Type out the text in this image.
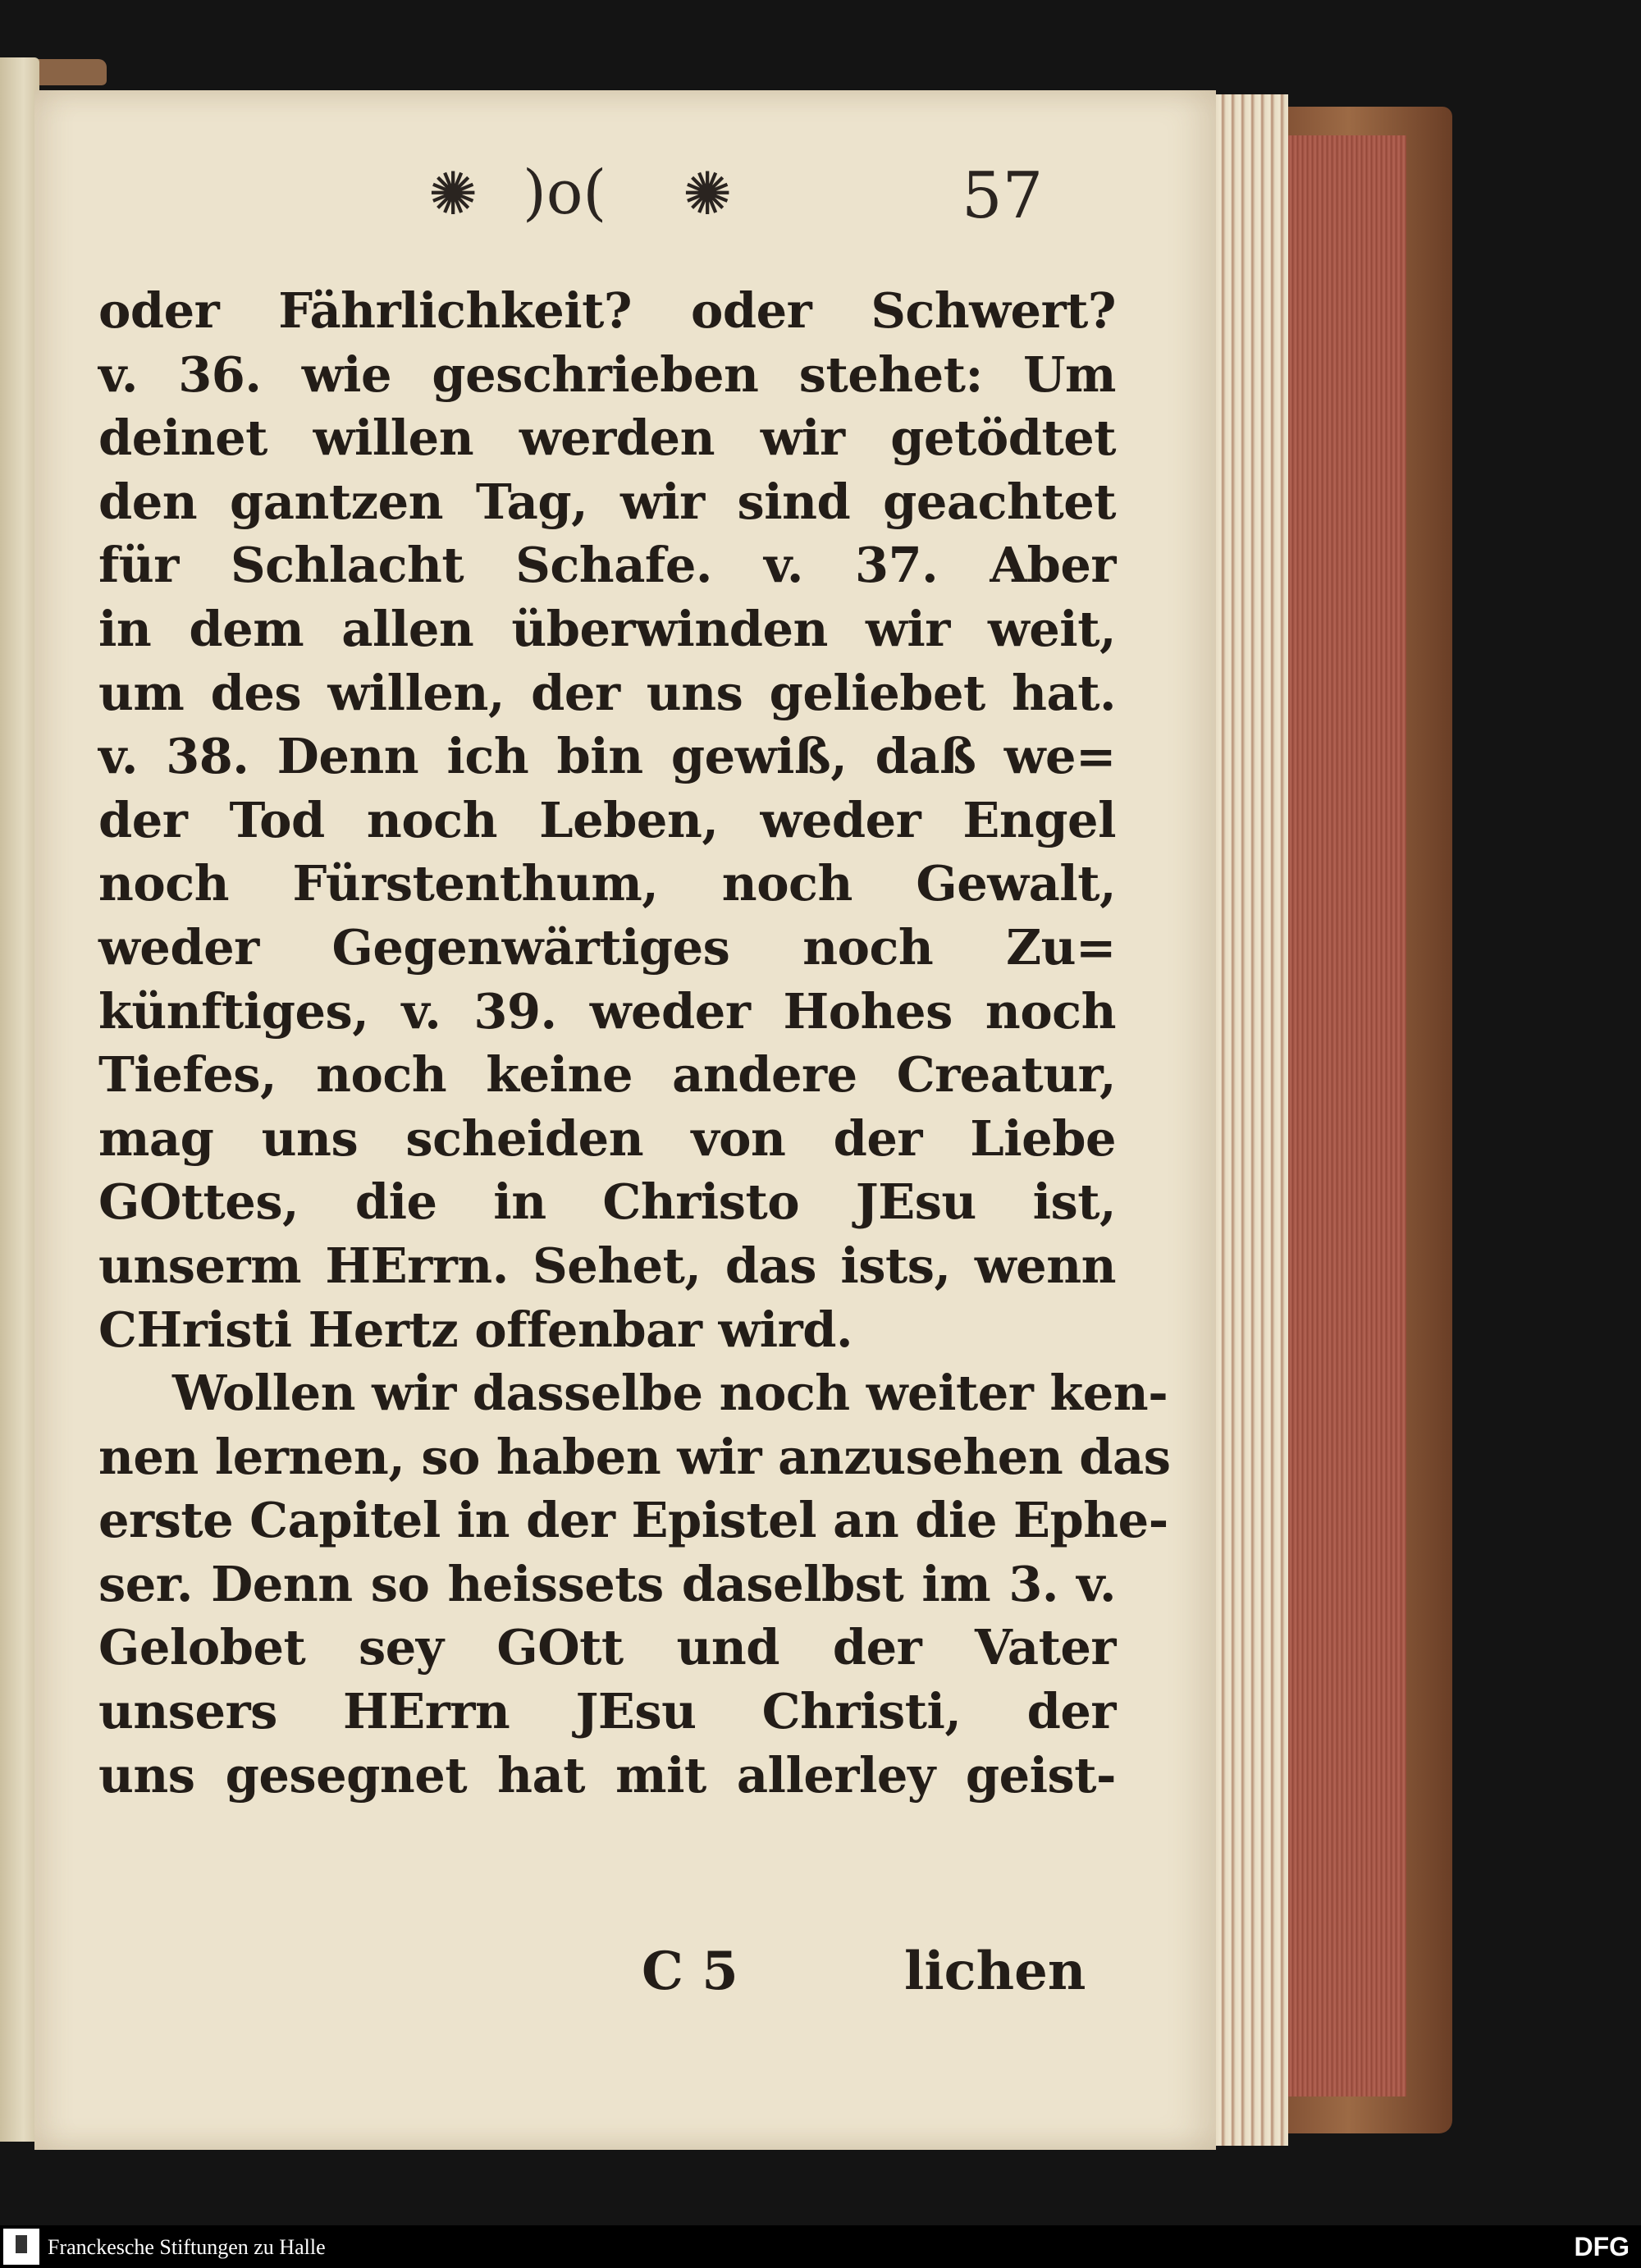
✺ )o( ✺	57
oder Fährlichkeit? oder Schwert?
v. 36. wie geschrieben stehet: Um
deinet willen werden wir getödtet
den gantzen Tag, wir sind geachtet
für Schlacht Schafe. v. 37. Aber
in dem allen überwinden wir weit,
um des willen, der uns geliebet hat.
v. 38. Denn ich bin gewiß, daß we=
der Tod noch Leben, weder Engel
noch Fürstenthum, noch Gewalt,
weder Gegenwärtiges noch Zu=
künftiges, v. 39. weder Hohes noch
Tiefes, noch keine andere Creatur,
mag uns scheiden von der Liebe
GOttes, die in Christo JEsu ist,
unserm HErrn. Sehet, das ists, wenn
CHristi Hertz offenbar wird.
Wollen wir dasselbe noch weiter ken-
nen lernen, so haben wir anzusehen das
erste Capitel in der Epistel an die Ephe-
ser. Denn so heissets daselbst im 3. v.
Gelobet sey GOtt und der Vater
unsers HErrn JEsu Christi, der
uns gesegnet hat mit allerley geist-
C 5	lichen
Franckesche Stiftungen zu Halle	DFG
